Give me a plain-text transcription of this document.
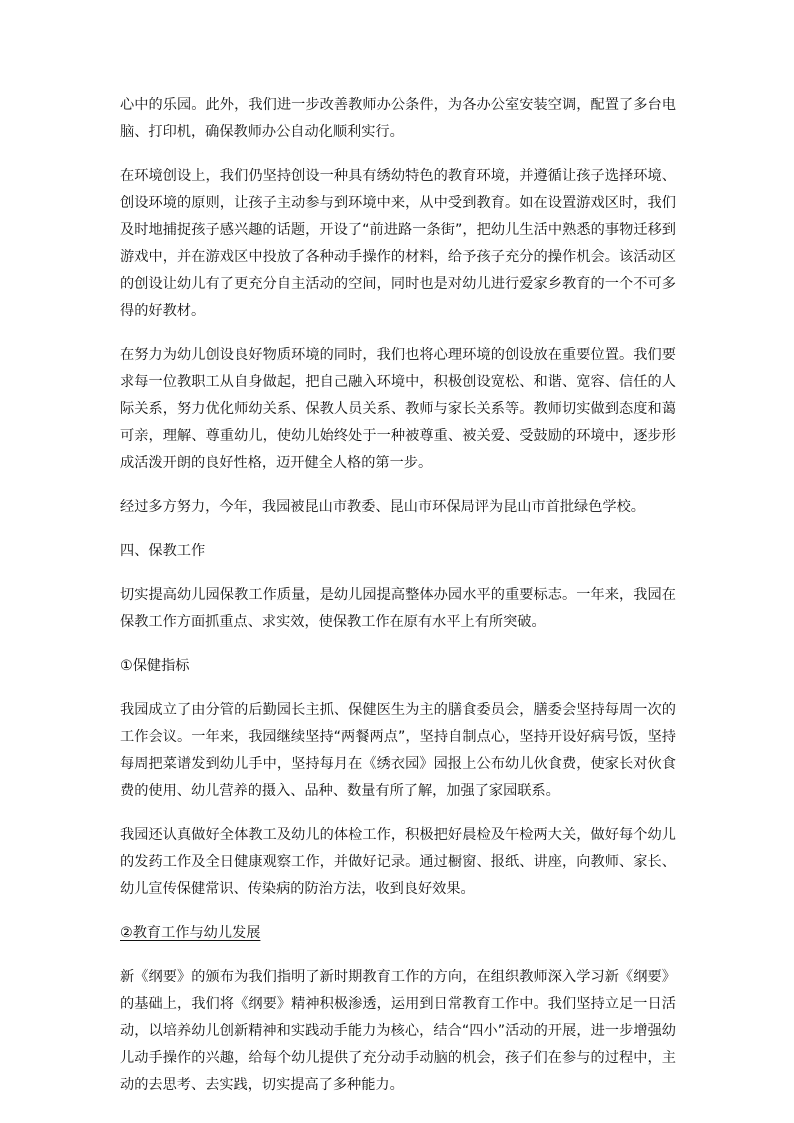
心中的乐园。此外，我们进一步改善教师办公条件，为各办公室安装空调，配置了多台电脑、打印机，确保教师办公自动化顺利实行。

在环境创设上，我们仍坚持创设一种具有绣幼特色的教育环境，并遵循让孩子选择环境、创设环境的原则，让孩子主动参与到环境中来，从中受到教育。如在设置游戏区时，我们及时地捕捉孩子感兴趣的话题，开设了“前进路一条街”，把幼儿生活中熟悉的事物迁移到游戏中，并在游戏区中投放了各种动手操作的材料，给予孩子充分的操作机会。该活动区的创设让幼儿有了更充分自主活动的空间，同时也是对幼儿进行爱家乡教育的一个不可多得的好教材。

在努力为幼儿创设良好物质环境的同时，我们也将心理环境的创设放在重要位置。我们要求每一位教职工从自身做起，把自己融入环境中，积极创设宽松、和谐、宽容、信任的人际关系，努力优化师幼关系、保教人员关系、教师与家长关系等。教师切实做到态度和蔼可亲，理解、尊重幼儿，使幼儿始终处于一种被尊重、被关爱、受鼓励的环境中，逐步形成活泼开朗的良好性格，迈开健全人格的第一步。

经过多方努力，今年，我园被昆山市教委、昆山市环保局评为昆山市首批绿色学校。

四、保教工作

切实提高幼儿园保教工作质量，是幼儿园提高整体办园水平的重要标志。一年来，我园在保教工作方面抓重点、求实效，使保教工作在原有水平上有所突破。

①保健指标

我园成立了由分管的后勤园长主抓、保健医生为主的膳食委员会，膳委会坚持每周一次的工作会议。一年来，我园继续坚持“两餐两点”，坚持自制点心，坚持开设好病号饭，坚持每周把菜谱发到幼儿手中，坚持每月在《绣衣园》园报上公布幼儿伙食费，使家长对伙食费的使用、幼儿营养的摄入、品种、数量有所了解，加强了家园联系。

我园还认真做好全体教工及幼儿的体检工作，积极把好晨检及午检两大关，做好每个幼儿的发药工作及全日健康观察工作，并做好记录。通过橱窗、报纸、讲座，向教师、家长、幼儿宣传保健常识、传染病的防治方法，收到良好效果。

②教育工作与幼儿发展

新《纲要》的颁布为我们指明了新时期教育工作的方向，在组织教师深入学习新《纲要》的基础上，我们将《纲要》精神积极渗透，运用到日常教育工作中。我们坚持立足一日活动，以培养幼儿创新精神和实践动手能力为核心，结合“四小”活动的开展，进一步增强幼儿动手操作的兴趣，给每个幼儿提供了充分动手动脑的机会，孩子们在参与的过程中，主动的去思考、去实践，切实提高了多种能力。
